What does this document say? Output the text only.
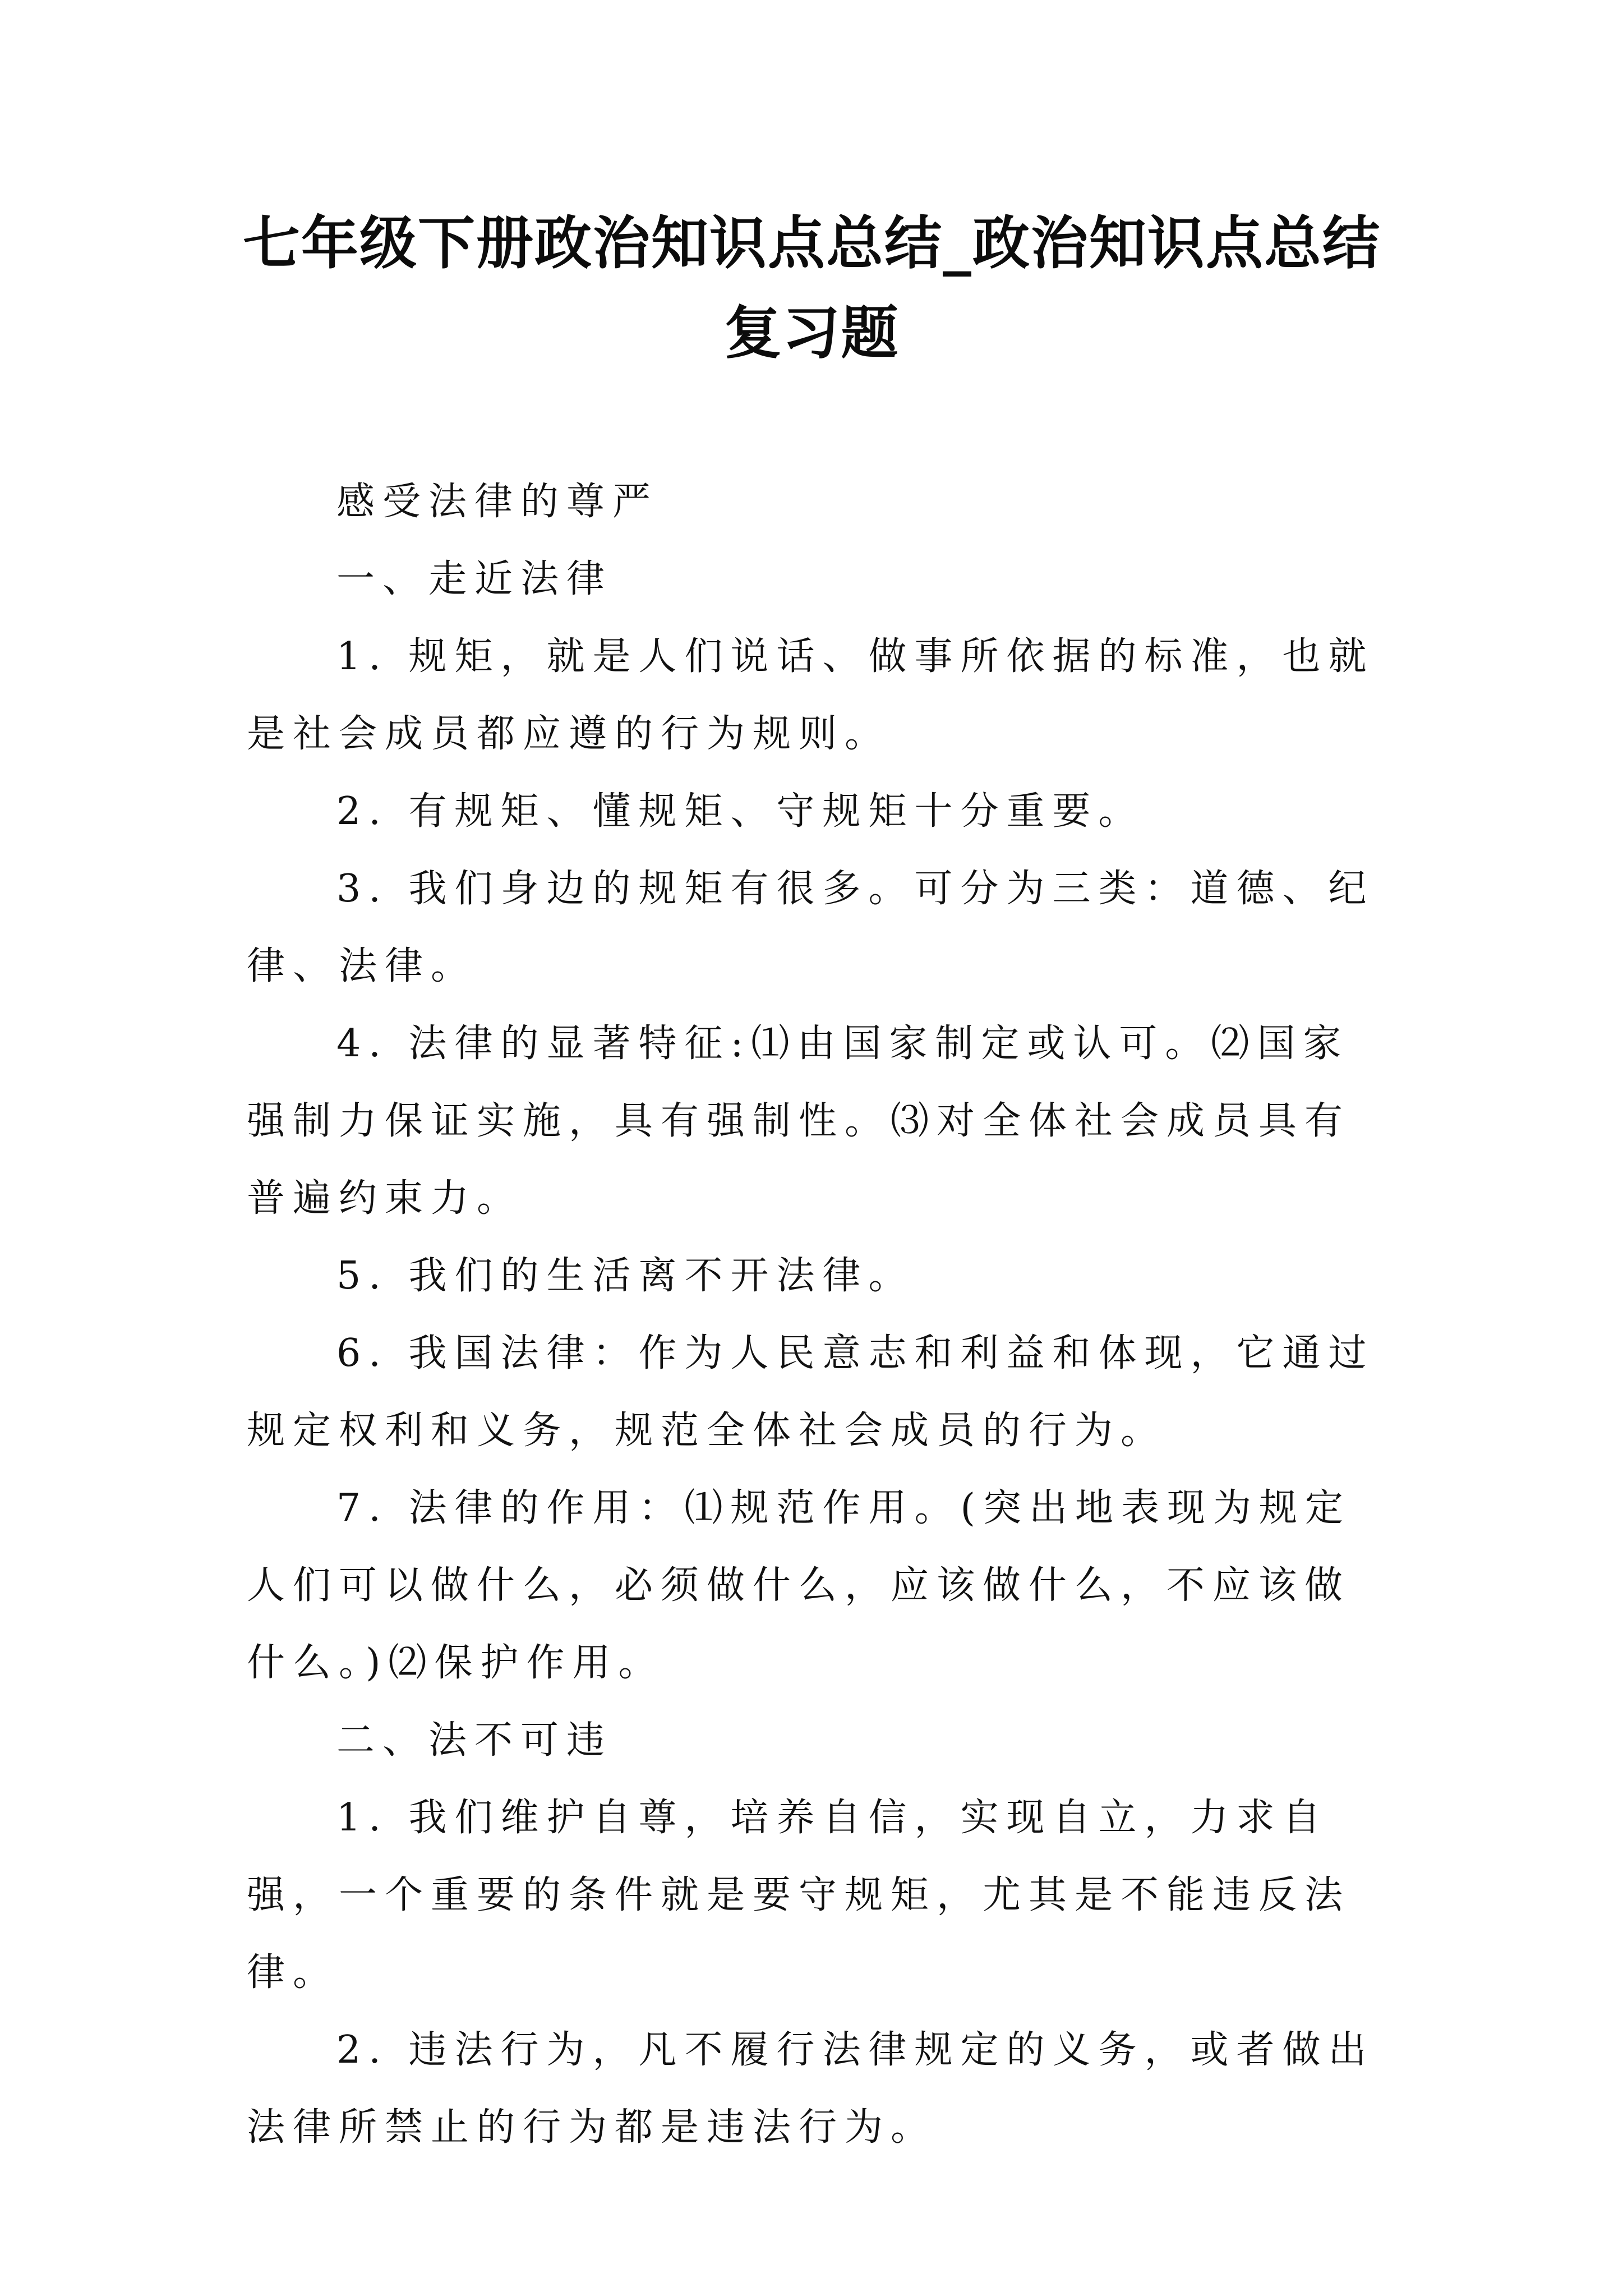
七年级下册政治知识点总结_政治知识点总结复习题

感受法律的尊严

一、走近法律

1. 规矩，就是人们说话、做事所依据的标准，也就是社会成员都应遵的行为规则。

2. 有规矩、懂规矩、守规矩十分重要。

3. 我们身边的规矩有很多。可分为三类：道德、纪律、法律。

4. 法律的显著特征:⑴由国家制定或认可。⑵国家强制力保证实施，具有强制性。⑶对全体社会成员具有普遍约束力。

5. 我们的生活离不开法律。

6. 我国法律：作为人民意志和利益和体现，它通过规定权利和义务，规范全体社会成员的行为。

7. 法律的作用：⑴规范作用。(突出地表现为规定人们可以做什么，必须做什么，应该做什么，不应该做什么。)⑵保护作用。

二、法不可违

1. 我们维护自尊，培养自信，实现自立，力求自强，一个重要的条件就是要守规矩，尤其是不能违反法律。

2. 违法行为，凡不履行法律规定的义务，或者做出法律所禁止的行为都是违法行为。
